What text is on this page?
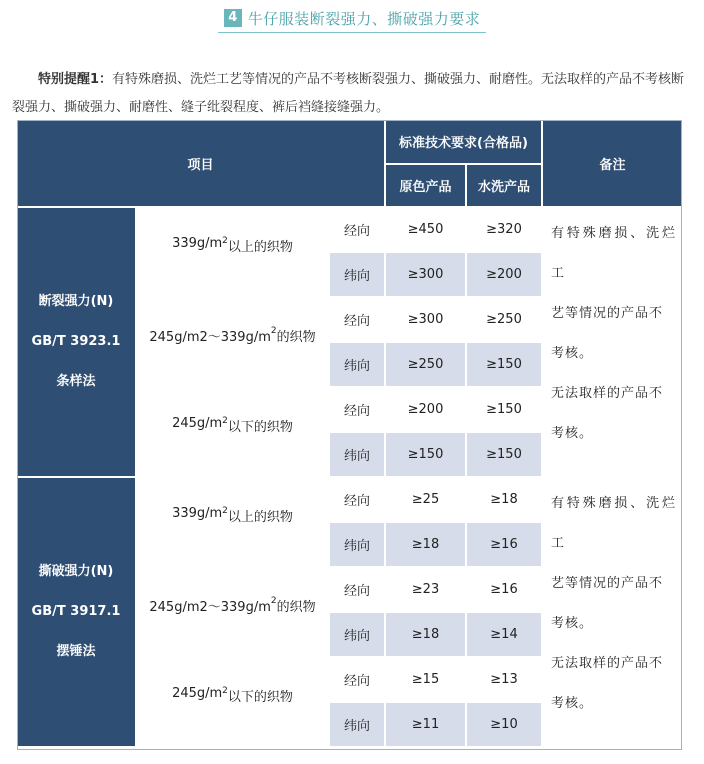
4 牛仔服装断裂强力、撕破强力要求
特别提醒1：有特殊磨损、洗烂工艺等情况的产品不考核断裂强力、撕破强力、耐磨性。无法取样的产品不考核断裂强力、撕破强力、耐磨性、缝子纰裂程度、裤后裆缝接缝强力。
项目
标准技术要求(合格品)
原色产品	水洗产品
备注
断裂强力(N)
GB/T 3923.1
条样法
339g/m 2 以上的织物
经向	≥450	≥320
纬向	≥300	≥200
$245g/m2\sim 339g/m^2$ 的织物
经向	≥300	≥250
纬向	≥250	≥150
245g/m 2 以下的织物
经向	≥200	≥150
纬向	≥150	≥150

有特殊磨损、洗烂工

艺等情况的产品不

考核。

无法取样的产品不

考核。

撕破强力(N)
GB/T 3917.1
摆锤法
339g/m 2 以上的织物
经向	≥25	≥18
纬向	≥18	≥16
$245g/m2\sim 339g/m^2$ 的织物
经向	≥23	≥16
纬向	≥18	≥14
245g/m 2 以下的织物
经向	≥15	≥13
纬向	≥11	≥10

有特殊磨损、洗烂工

艺等情况的产品不

考核。

无法取样的产品不

考核。
